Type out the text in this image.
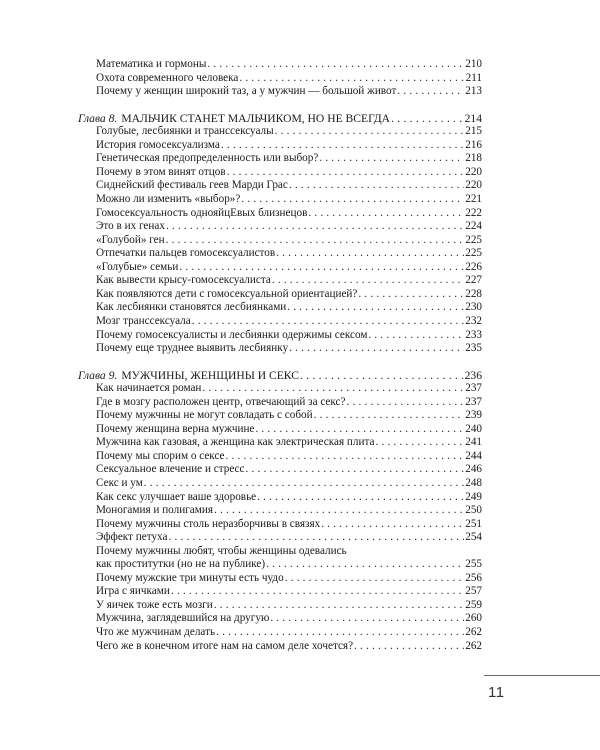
Математика и гормоны . . .	210
Охота современного человека . . .	211
Почему у женщин широкий таз, а у мужчин — большой живот . . .	213
Глава 8. МАЛЬЧИК СТАНЕТ МАЛЬЧИКОМ, НО НЕ ВСЕГДА . . .	214
Голубые, лесбиянки и транссексуалы . . .	215
История гомосексуализма . . .	216
Генетическая предопределенность или выбор? . . .	218
Почему в этом винят отцов . . .	220
Сиднейский фестиваль геев Марди Грас . . .	220
Можно ли изменить «выбор»? . . .	221
Гомосексуальность однояйцЕвых близнецов . . .	222
Это в их генах . . .	224
«Голубой» ген . . .	225
Отпечатки пальцев гомосексуалистов . . .	225
«Голубые» семьи . . .	226
Как вывести крысу-гомосексуалиста . . .	227
Как появляются дети с гомосексуальной ориентацией? . . .	228
Как лесбиянки становятся лесбиянками . . .	230
Мозг транссексуала . . .	232
Почему гомосексуалисты и лесбиянки одержимы сексом . . .	233
Почему еще труднее выявить лесбиянку . . .	235
Глава 9. МУЖЧИНЫ, ЖЕНЩИНЫ И СЕКС . . .	236
Как начинается роман . . .	237
Где в мозгу расположен центр, отвечающий за секс? . . .	237
Почему мужчины не могут совладать с собой . . .	239
Почему женщина верна мужчине . . .	240
Мужчина как газовая, а женщина как электрическая плита . . .	241
Почему мы спорим о сексе . . .	244
Сексуальное влечение и стресс . . .	246
Секс и ум . . .	248
Как секс улучшает ваше здоровье . . .	249
Моногамия и полигамия . . .	250
Почему мужчины столь неразборчивы в связях . . .	251
Эффект петуха . . .	254
Почему мужчины любят, чтобы женщины одевались
как проститутки (но не на публике) . . .	255
Почему мужские три минуты есть чудо . . .	256
Игра с яичками . . .	257
У яичек тоже есть мозги . . .	259
Мужчина, заглядевшийся на другую . . .	260
Что же мужчинам делать . . .	262
Чего же в конечном итоге нам на самом деле хочется? . . .	262
11
